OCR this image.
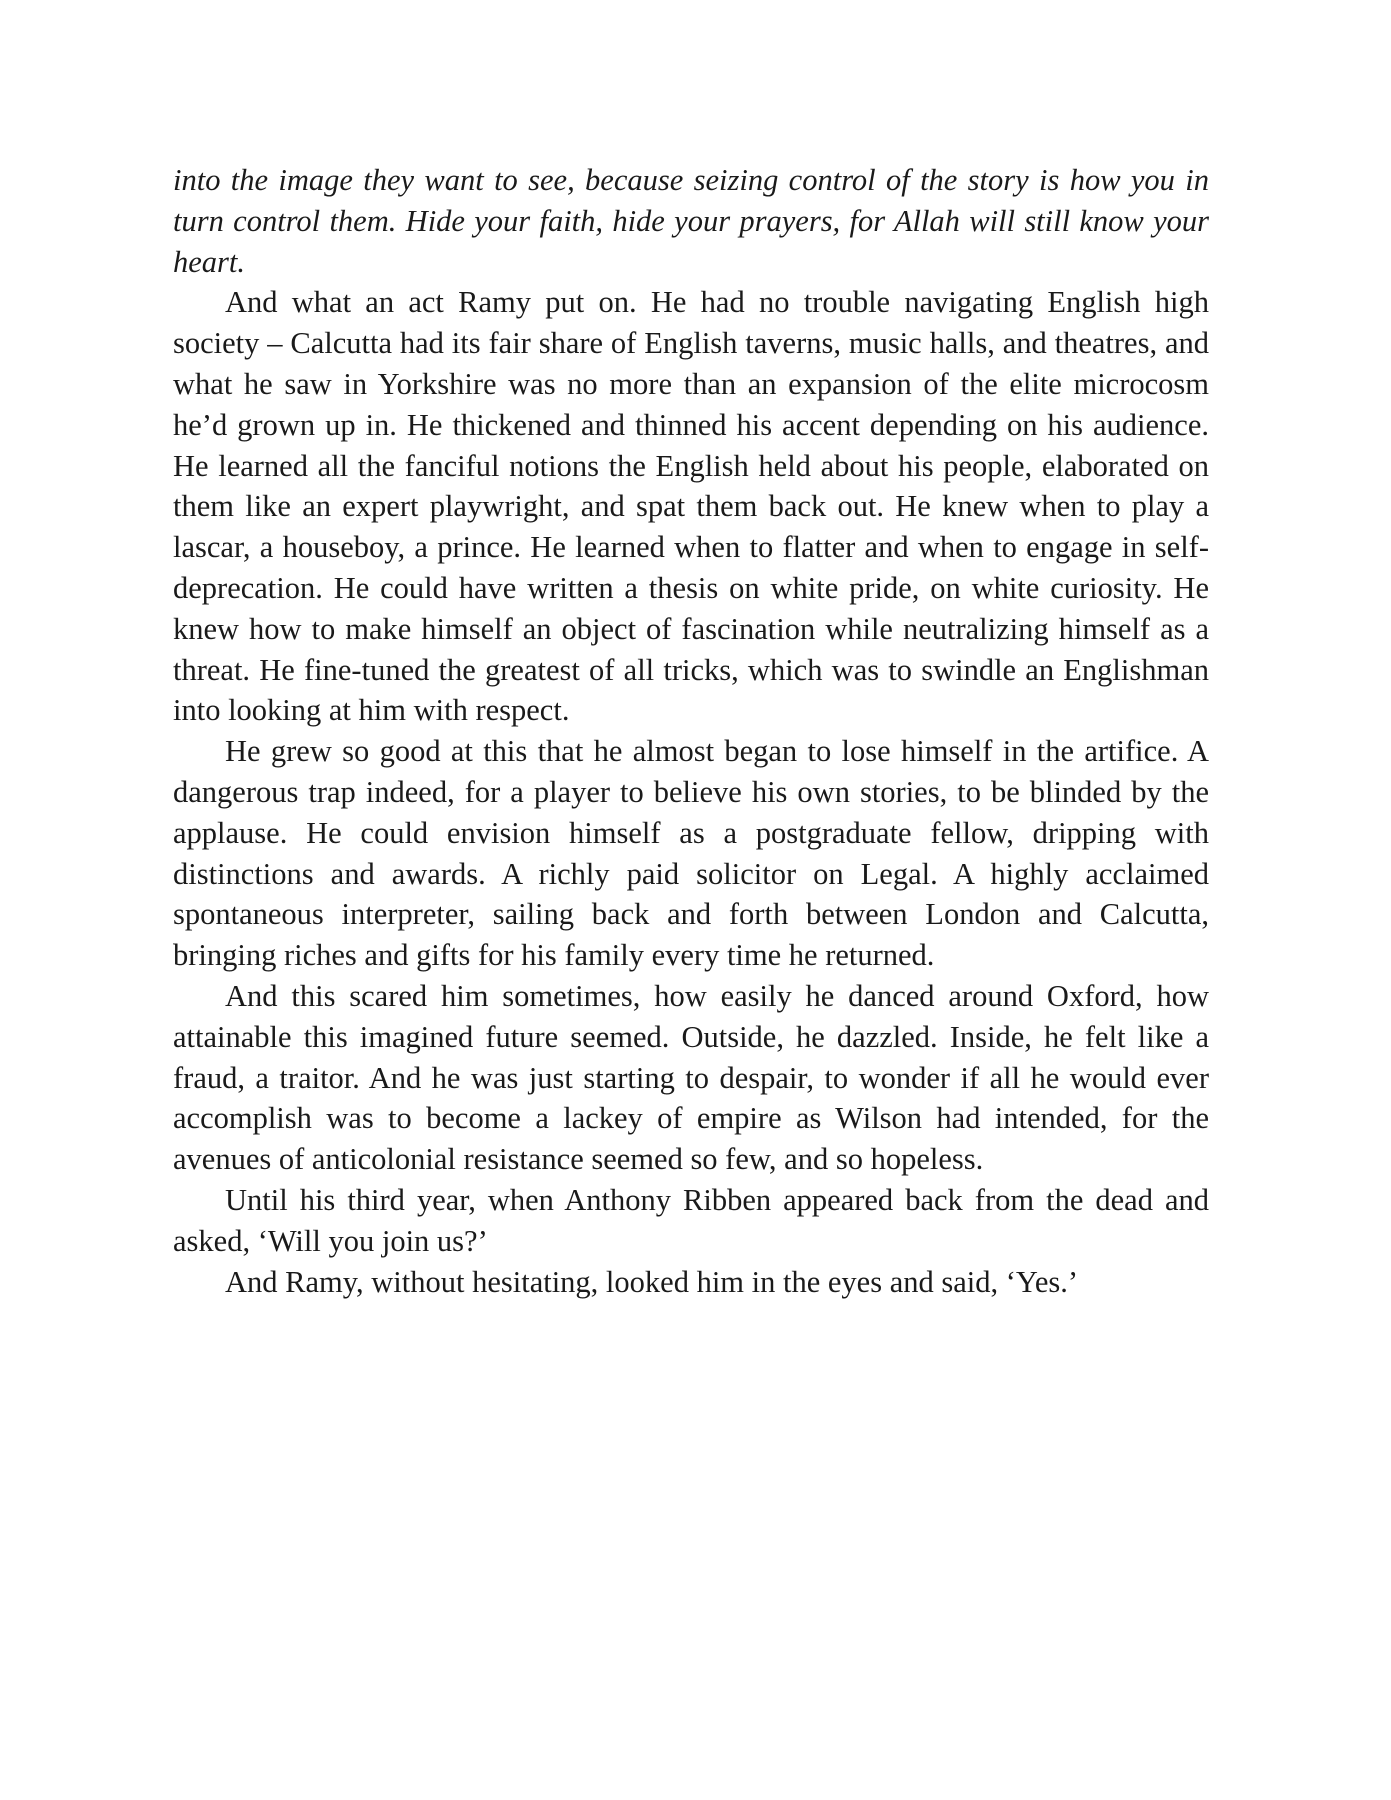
into the image they want to see, because seizing control of the story is how you in turn control them. Hide your faith, hide your prayers, for Allah will still know your heart.

And what an act Ramy put on. He had no trouble navigating English high society – Calcutta had its fair share of English taverns, music halls, and theatres, and what he saw in Yorkshire was no more than an expansion of the elite microcosm he’d grown up in. He thickened and thinned his accent depending on his audience. He learned all the fanciful notions the English held about his people, elaborated on them like an expert playwright, and spat them back out. He knew when to play a lascar, a houseboy, a prince. He learned when to flatter and when to engage in self-deprecation. He could have written a thesis on white pride, on white curiosity. He knew how to make himself an object of fascination while neutralizing himself as a threat. He fine-tuned the greatest of all tricks, which was to swindle an Englishman into looking at him with respect.

He grew so good at this that he almost began to lose himself in the artifice. A dangerous trap indeed, for a player to believe his own stories, to be blinded by the applause. He could envision himself as a postgraduate fellow, dripping with distinctions and awards. A richly paid solicitor on Legal. A highly acclaimed spontaneous interpreter, sailing back and forth between London and Calcutta, bringing riches and gifts for his family every time he returned.

And this scared him sometimes, how easily he danced around Oxford, how attainable this imagined future seemed. Outside, he dazzled. Inside, he felt like a fraud, a traitor. And he was just starting to despair, to wonder if all he would ever accomplish was to become a lackey of empire as Wilson had intended, for the avenues of anticolonial resistance seemed so few, and so hopeless.

Until his third year, when Anthony Ribben appeared back from the dead and asked, ‘Will you join us?’

And Ramy, without hesitating, looked him in the eyes and said, ‘Yes.’
